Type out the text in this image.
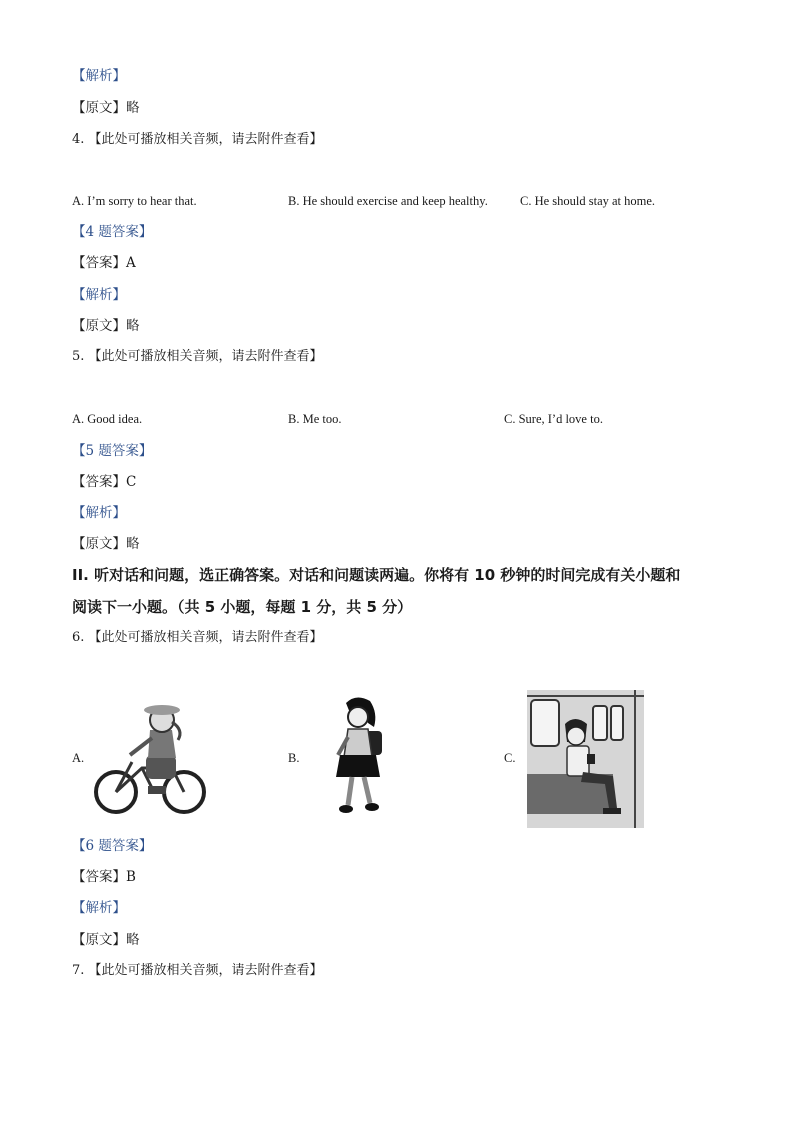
【解析】
【原文】略
4. 【此处可播放相关音频，请去附件查看】
A. I’m sorry to hear that.	B. He should exercise and keep healthy.	C. He should stay at home.
【4 题答案】
【答案】A
【解析】
【原文】略
5. 【此处可播放相关音频，请去附件查看】
A. Good idea.	B. Me too.	C. Sure, I’d love to.
【5 题答案】
【答案】C
【解析】
【原文】略
II. 听对话和问题，选正确答案。对话和问题读两遍。你将有 10 秒钟的时间完成有关小题和
阅读下一小题。（共 5 小题，每题 1 分，共 5 分）
6. 【此处可播放相关音频，请去附件查看】
A.	B.	C.
【6 题答案】
【答案】B
【解析】
【原文】略
7. 【此处可播放相关音频，请去附件查看】
